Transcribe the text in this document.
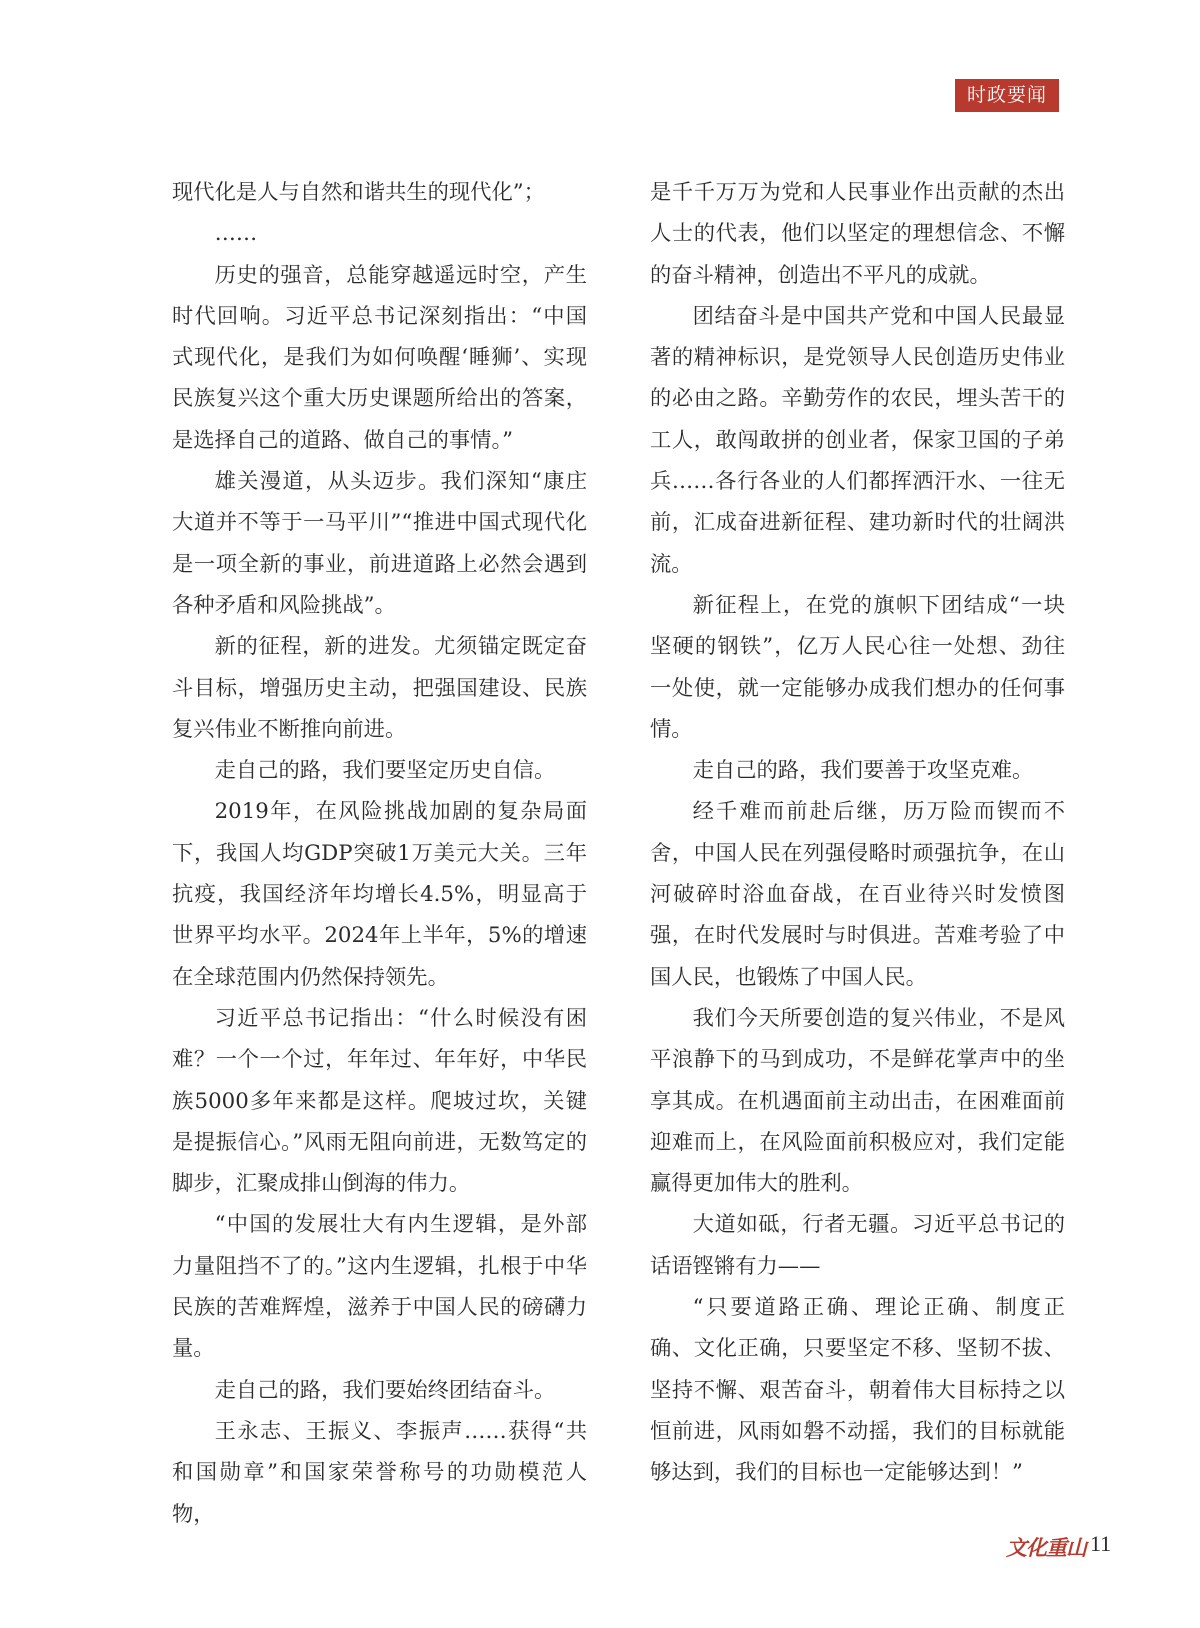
时政要闻

现代化是人与自然和谐共生的现代化”；

……

历史的强音，总能穿越遥远时空，产生时代回响。习近平总书记深刻指出：“中国式现代化，是我们为如何唤醒‘睡狮’、实现民族复兴这个重大历史课题所给出的答案，是选择自己的道路、做自己的事情。”

雄关漫道，从头迈步。我们深知“康庄大道并不等于一马平川”“推进中国式现代化是一项全新的事业，前进道路上必然会遇到各种矛盾和风险挑战”。

新的征程，新的进发。尤须锚定既定奋斗目标，增强历史主动，把强国建设、民族复兴伟业不断推向前进。

走自己的路，我们要坚定历史自信。

2019年，在风险挑战加剧的复杂局面下，我国人均GDP突破1万美元大关。三年抗疫，我国经济年均增长4.5%，明显高于世界平均水平。2024年上半年，5%的增速在全球范围内仍然保持领先。

习近平总书记指出：“什么时候没有困难？一个一个过，年年过、年年好，中华民族5000多年来都是这样。爬坡过坎，关键是提振信心。”风雨无阻向前进，无数笃定的脚步，汇聚成排山倒海的伟力。

“中国的发展壮大有内生逻辑，是外部力量阻挡不了的。”这内生逻辑，扎根于中华民族的苦难辉煌，滋养于中国人民的磅礴力量。

走自己的路，我们要始终团结奋斗。

王永志、王振义、李振声……获得“共和国勋章”和国家荣誉称号的功勋模范人物，

是千千万万为党和人民事业作出贡献的杰出人士的代表，他们以坚定的理想信念、不懈的奋斗精神，创造出不平凡的成就。

团结奋斗是中国共产党和中国人民最显著的精神标识，是党领导人民创造历史伟业的必由之路。辛勤劳作的农民，埋头苦干的工人，敢闯敢拼的创业者，保家卫国的子弟兵……各行各业的人们都挥洒汗水、一往无前，汇成奋进新征程、建功新时代的壮阔洪流。

新征程上，在党的旗帜下团结成“一块坚硬的钢铁”，亿万人民心往一处想、劲往一处使，就一定能够办成我们想办的任何事情。

走自己的路，我们要善于攻坚克难。

经千难而前赴后继，历万险而锲而不舍，中国人民在列强侵略时顽强抗争，在山河破碎时浴血奋战，在百业待兴时发愤图强，在时代发展时与时俱进。苦难考验了中国人民，也锻炼了中国人民。

我们今天所要创造的复兴伟业，不是风平浪静下的马到成功，不是鲜花掌声中的坐享其成。在机遇面前主动出击，在困难面前迎难而上，在风险面前积极应对，我们定能赢得更加伟大的胜利。

大道如砥，行者无疆。习近平总书记的话语铿锵有力——

“只要道路正确、理论正确、制度正确、文化正确，只要坚定不移、坚韧不拔、坚持不懈、艰苦奋斗，朝着伟大目标持之以恒前进，风雨如磐不动摇，我们的目标就能够达到，我们的目标也一定能够达到！”

文化重山 11
